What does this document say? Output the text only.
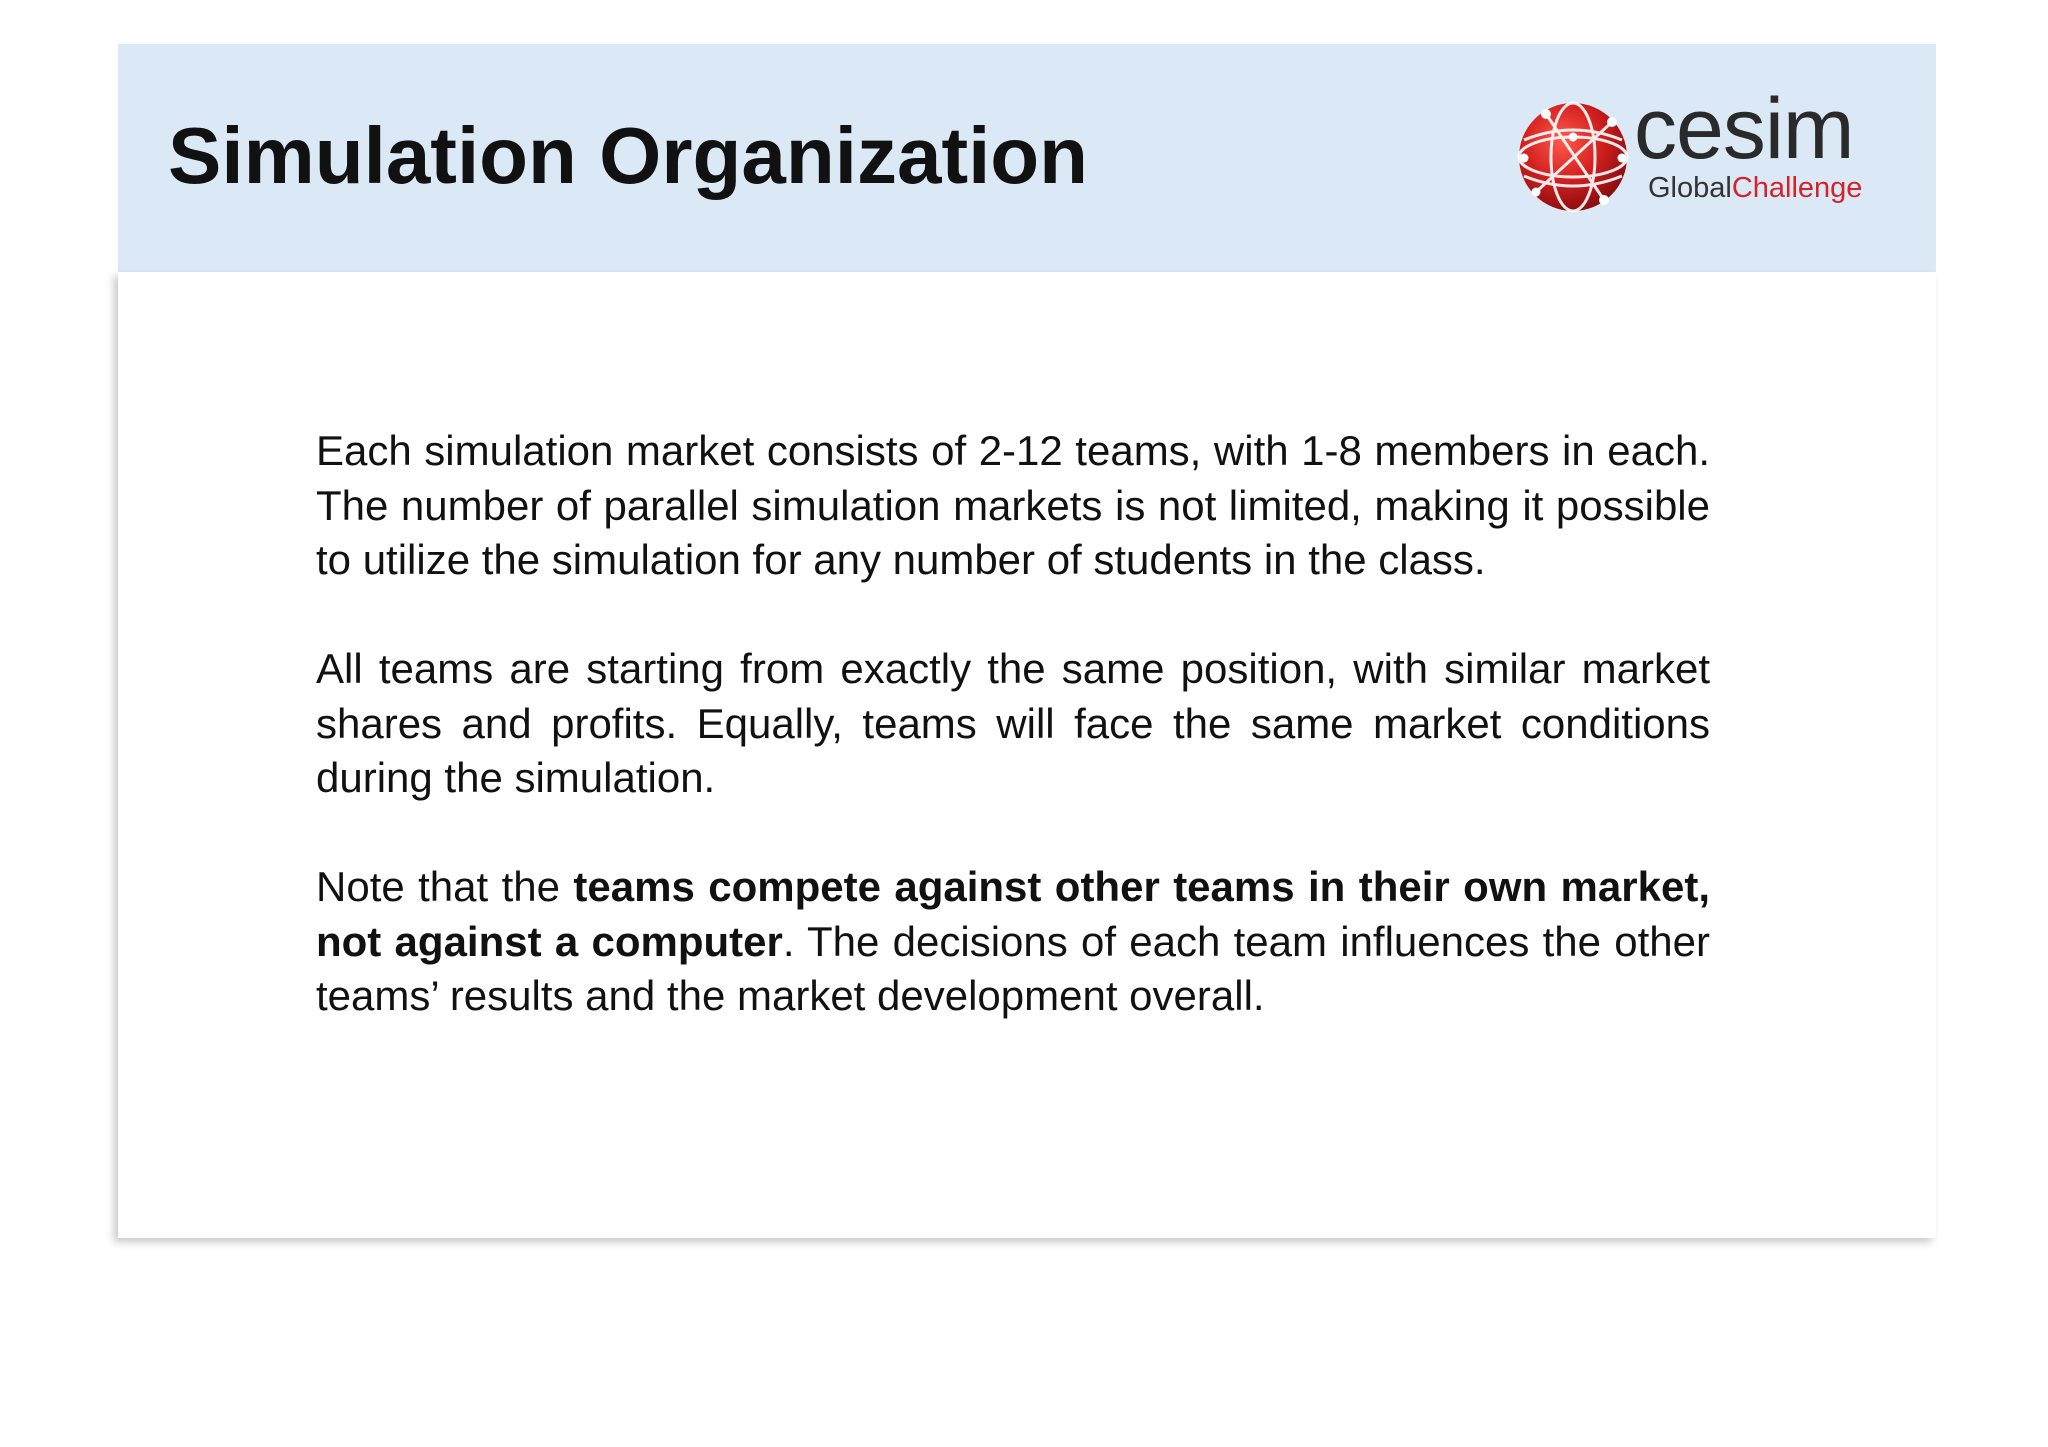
Simulation Organization	cesim
GlobalChallenge

Each simulation market consists of 2-12 teams, with 1-8 members in each. The number of parallel simulation markets is not limited, making it possible to utilize the simulation for any number of students in the class.

All teams are starting from exactly the same position, with similar market shares and profits. Equally, teams will face the same market conditions during the simulation.

Note that the teams compete against other teams in their own market, not against a computer. The decisions of each team influences the other teams’ results and the market development overall.

CESIM OY | HTTP://WWW.CESIM.COM/ | TEL.+358 9 406 660 ARKADIANKATU 21 A, 00100 HELSINKI, FINLAND	7
